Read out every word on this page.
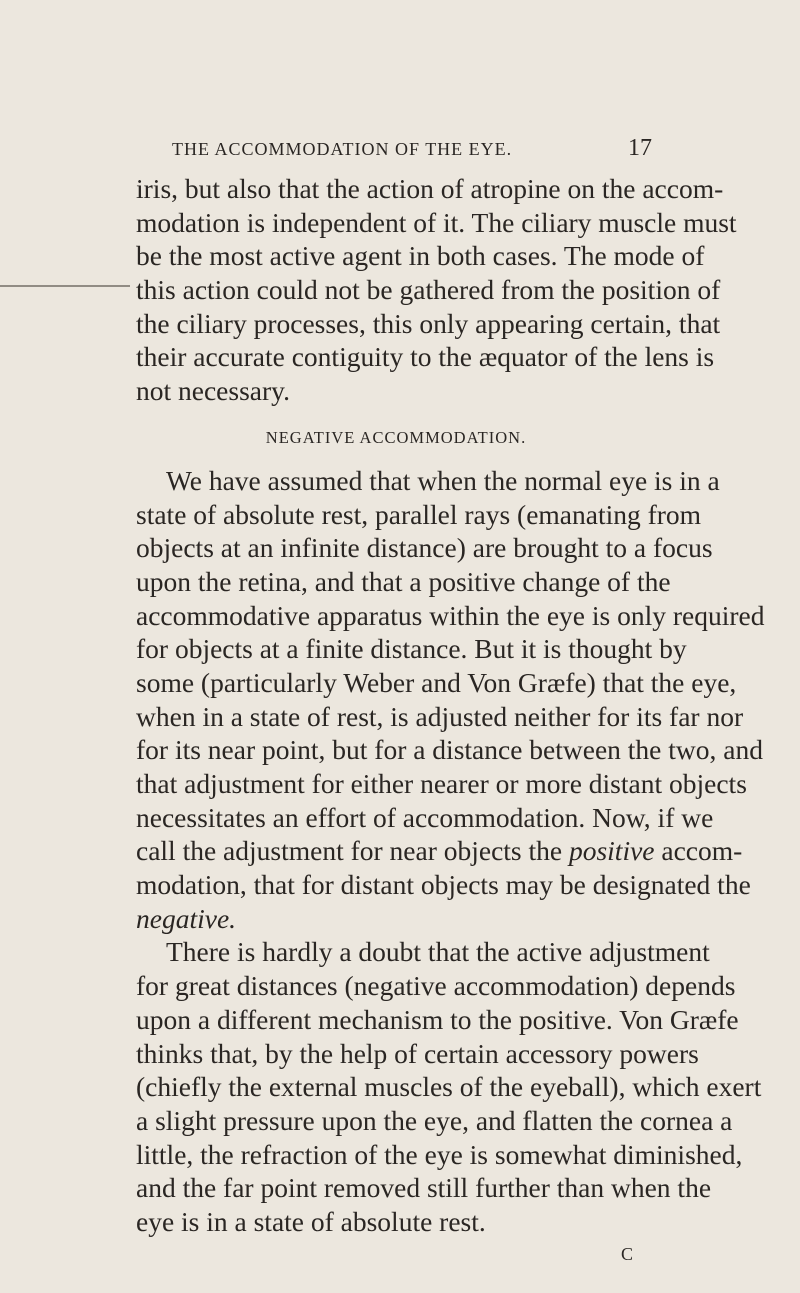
THE ACCOMMODATION OF THE EYE.	17
iris, but also that the action of atropine on the accom-
modation is independent of it. The ciliary muscle must
be the most active agent in both cases. The mode of
this action could not be gathered from the position of
the ciliary processes, this only appearing certain, that
their accurate contiguity to the æquator of the lens is
not necessary.
NEGATIVE ACCOMMODATION.
We have assumed that when the normal eye is in a
state of absolute rest, parallel rays (emanating from
objects at an infinite distance) are brought to a focus
upon the retina, and that a positive change of the
accommodative apparatus within the eye is only required
for objects at a finite distance. But it is thought by
some (particularly Weber and Von Græfe) that the eye,
when in a state of rest, is adjusted neither for its far nor
for its near point, but for a distance between the two, and
that adjustment for either nearer or more distant objects
necessitates an effort of accommodation. Now, if we
call the adjustment for near objects the positive accom-
modation, that for distant objects may be designated the
negative.
There is hardly a doubt that the active adjustment
for great distances (negative accommodation) depends
upon a different mechanism to the positive. Von Græfe
thinks that, by the help of certain accessory powers
(chiefly the external muscles of the eyeball), which exert
a slight pressure upon the eye, and flatten the cornea a
little, the refraction of the eye is somewhat diminished,
and the far point removed still further than when the
eye is in a state of absolute rest.
C
